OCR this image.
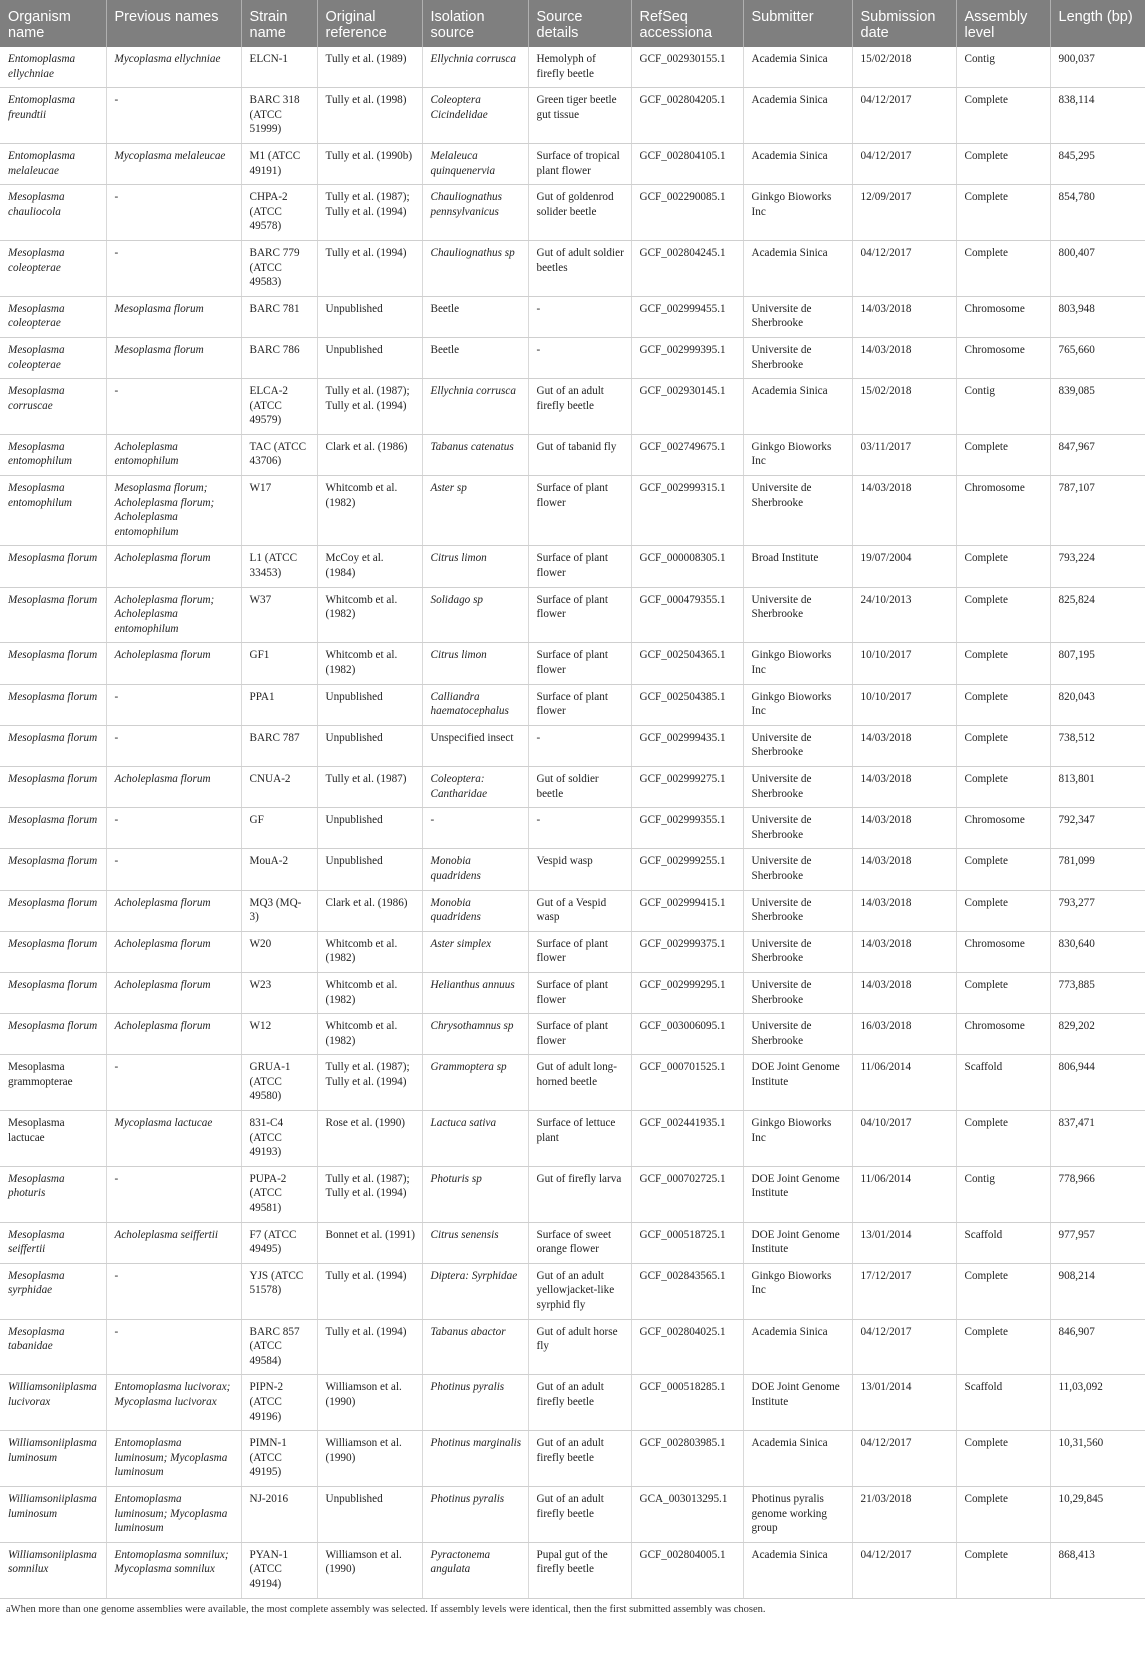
Organism name	Previous names	Strain name	Original reference	Isolation source	Source details	RefSeq accessiona	Submitter	Submission date	Assembly level	Length (bp)
Entomoplasma ellychniae	Mycoplasma ellychniae	ELCN-1	Tully et al. (1989)	Ellychnia corrusca	Hemolyph of firefly beetle	GCF_002930155.1	Academia Sinica	15/02/2018	Contig	900,037
Entomoplasma freundtii	-	BARC 318 (ATCC 51999)	Tully et al. (1998)	Coleoptera Cicindelidae	Green tiger beetle gut tissue	GCF_002804205.1	Academia Sinica	04/12/2017	Complete	838,114
Entomoplasma melaleucae	Mycoplasma melaleucae	M1 (ATCC 49191)	Tully et al. (1990b)	Melaleuca quinquenervia	Surface of tropical plant flower	GCF_002804105.1	Academia Sinica	04/12/2017	Complete	845,295
Mesoplasma chauliocola	-	CHPA-2 (ATCC 49578)	Tully et al. (1987); Tully et al. (1994)	Chauliognathus pennsylvanicus	Gut of goldenrod solider beetle	GCF_002290085.1	Ginkgo Bioworks Inc	12/09/2017	Complete	854,780
Mesoplasma coleopterae	-	BARC 779 (ATCC 49583)	Tully et al. (1994)	Chauliognathus sp	Gut of adult soldier beetles	GCF_002804245.1	Academia Sinica	04/12/2017	Complete	800,407
Mesoplasma coleopterae	Mesoplasma florum	BARC 781	Unpublished	Beetle	-	GCF_002999455.1	Universite de Sherbrooke	14/03/2018	Chromosome	803,948
Mesoplasma coleopterae	Mesoplasma florum	BARC 786	Unpublished	Beetle	-	GCF_002999395.1	Universite de Sherbrooke	14/03/2018	Chromosome	765,660
Mesoplasma corruscae	-	ELCA-2 (ATCC 49579)	Tully et al. (1987); Tully et al. (1994)	Ellychnia corrusca	Gut of an adult firefly beetle	GCF_002930145.1	Academia Sinica	15/02/2018	Contig	839,085
Mesoplasma entomophilum	Acholeplasma entomophilum	TAC (ATCC 43706)	Clark et al. (1986)	Tabanus catenatus	Gut of tabanid fly	GCF_002749675.1	Ginkgo Bioworks Inc	03/11/2017	Complete	847,967
Mesoplasma entomophilum	Mesoplasma florum; Acholeplasma florum; Acholeplasma entomophilum	W17	Whitcomb et al. (1982)	Aster sp	Surface of plant flower	GCF_002999315.1	Universite de Sherbrooke	14/03/2018	Chromosome	787,107
Mesoplasma florum	Acholeplasma florum	L1 (ATCC 33453)	McCoy et al. (1984)	Citrus limon	Surface of plant flower	GCF_000008305.1	Broad Institute	19/07/2004	Complete	793,224
Mesoplasma florum	Acholeplasma florum; Acholeplasma entomophilum	W37	Whitcomb et al. (1982)	Solidago sp	Surface of plant flower	GCF_000479355.1	Universite de Sherbrooke	24/10/2013	Complete	825,824
Mesoplasma florum	Acholeplasma florum	GF1	Whitcomb et al. (1982)	Citrus limon	Surface of plant flower	GCF_002504365.1	Ginkgo Bioworks Inc	10/10/2017	Complete	807,195
Mesoplasma florum	-	PPA1	Unpublished	Calliandra haematocephalus	Surface of plant flower	GCF_002504385.1	Ginkgo Bioworks Inc	10/10/2017	Complete	820,043
Mesoplasma florum	-	BARC 787	Unpublished	Unspecified insect	-	GCF_002999435.1	Universite de Sherbrooke	14/03/2018	Complete	738,512
Mesoplasma florum	Acholeplasma florum	CNUA-2	Tully et al. (1987)	Coleoptera: Cantharidae	Gut of soldier beetle	GCF_002999275.1	Universite de Sherbrooke	14/03/2018	Complete	813,801
Mesoplasma florum	-	GF	Unpublished	-	-	GCF_002999355.1	Universite de Sherbrooke	14/03/2018	Chromosome	792,347
Mesoplasma florum	-	MouA-2	Unpublished	Monobia quadridens	Vespid wasp	GCF_002999255.1	Universite de Sherbrooke	14/03/2018	Complete	781,099
Mesoplasma florum	Acholeplasma florum	MQ3 (MQ-3)	Clark et al. (1986)	Monobia quadridens	Gut of a Vespid wasp	GCF_002999415.1	Universite de Sherbrooke	14/03/2018	Complete	793,277
Mesoplasma florum	Acholeplasma florum	W20	Whitcomb et al. (1982)	Aster simplex	Surface of plant flower	GCF_002999375.1	Universite de Sherbrooke	14/03/2018	Chromosome	830,640
Mesoplasma florum	Acholeplasma florum	W23	Whitcomb et al. (1982)	Helianthus annuus	Surface of plant flower	GCF_002999295.1	Universite de Sherbrooke	14/03/2018	Complete	773,885
Mesoplasma florum	Acholeplasma florum	W12	Whitcomb et al. (1982)	Chrysothamnus sp	Surface of plant flower	GCF_003006095.1	Universite de Sherbrooke	16/03/2018	Chromosome	829,202
Mesoplasma grammopterae	-	GRUA-1 (ATCC 49580)	Tully et al. (1987); Tully et al. (1994)	Grammoptera sp	Gut of adult long-horned beetle	GCF_000701525.1	DOE Joint Genome Institute	11/06/2014	Scaffold	806,944
Mesoplasma lactucae	Mycoplasma lactucae	831-C4 (ATCC 49193)	Rose et al. (1990)	Lactuca sativa	Surface of lettuce plant	GCF_002441935.1	Ginkgo Bioworks Inc	04/10/2017	Complete	837,471
Mesoplasma photuris	-	PUPA-2 (ATCC 49581)	Tully et al. (1987); Tully et al. (1994)	Photuris sp	Gut of firefly larva	GCF_000702725.1	DOE Joint Genome Institute	11/06/2014	Contig	778,966
Mesoplasma seiffertii	Acholeplasma seiffertii	F7 (ATCC 49495)	Bonnet et al. (1991)	Citrus senensis	Surface of sweet orange flower	GCF_000518725.1	DOE Joint Genome Institute	13/01/2014	Scaffold	977,957
Mesoplasma syrphidae	-	YJS (ATCC 51578)	Tully et al. (1994)	Diptera: Syrphidae	Gut of an adult yellowjacket-like syrphid fly	GCF_002843565.1	Ginkgo Bioworks Inc	17/12/2017	Complete	908,214
Mesoplasma tabanidae	-	BARC 857 (ATCC 49584)	Tully et al. (1994)	Tabanus abactor	Gut of adult horse fly	GCF_002804025.1	Academia Sinica	04/12/2017	Complete	846,907
Williamsoniiplasma lucivorax	Entomoplasma lucivorax; Mycoplasma lucivorax	PIPN-2 (ATCC 49196)	Williamson et al. (1990)	Photinus pyralis	Gut of an adult firefly beetle	GCF_000518285.1	DOE Joint Genome Institute	13/01/2014	Scaffold	11,03,092
Williamsoniiplasma luminosum	Entomoplasma luminosum; Mycoplasma luminosum	PIMN-1 (ATCC 49195)	Williamson et al. (1990)	Photinus marginalis	Gut of an adult firefly beetle	GCF_002803985.1	Academia Sinica	04/12/2017	Complete	10,31,560
Williamsoniiplasma luminosum	Entomoplasma luminosum; Mycoplasma luminosum	NJ-2016	Unpublished	Photinus pyralis	Gut of an adult firefly beetle	GCA_003013295.1	Photinus pyralis genome working group	21/03/2018	Complete	10,29,845
Williamsoniiplasma somnilux	Entomoplasma somnilux; Mycoplasma somnilux	PYAN-1 (ATCC 49194)	Williamson et al. (1990)	Pyractonema angulata	Pupal gut of the firefly beetle	GCF_002804005.1	Academia Sinica	04/12/2017	Complete	868,413
aWhen more than one genome assemblies were available, the most complete assembly was selected. If assembly levels were identical, then the first submitted assembly was chosen.
